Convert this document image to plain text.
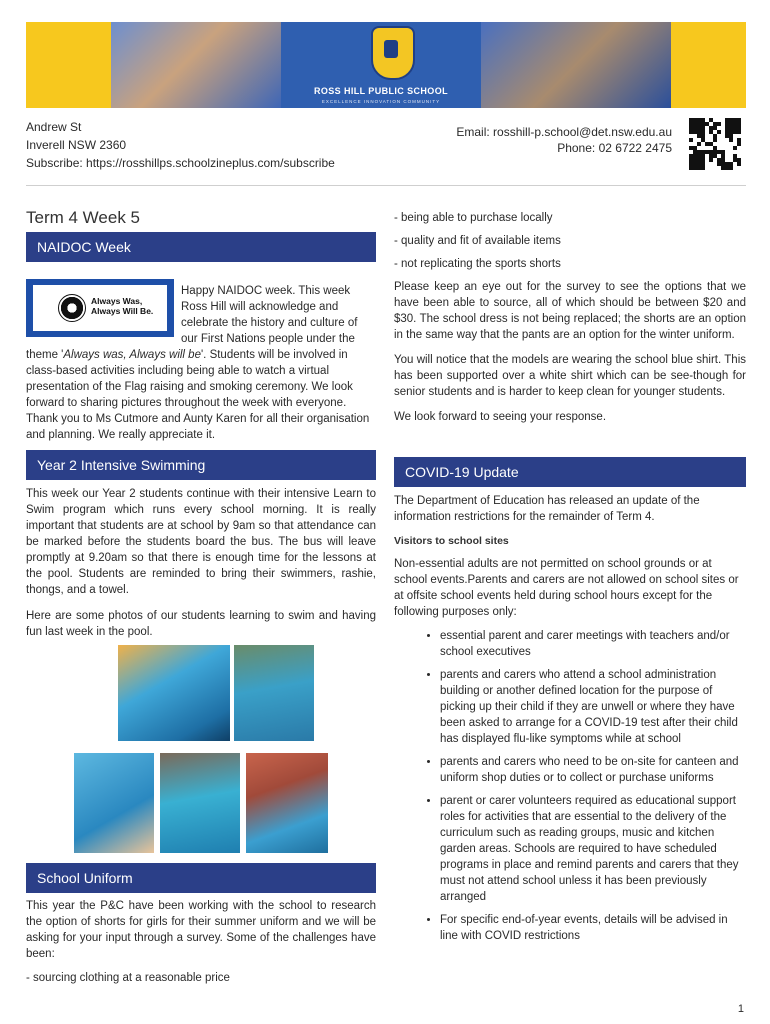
ROSS HILL PUBLIC SCHOOL
EXCELLENCE INNOVATION COMMUNITY
Andrew St
Inverell NSW 2360
Subscribe: https://rosshillps.schoolzineplus.com/subscribe
Email: rosshill-p.school@det.nsw.edu.au
Phone: 02 6722 2475
Term 4 Week 5
NAIDOC Week
Always Was,
Always Will Be.
Happy NAIDOC week. This week
Ross Hill will acknowledge and
celebrate the history and culture of
our First Nations people under the

theme 'Always was, Always will be'. Students will be involved in class-based activities including being able to watch a virtual presentation of the Flag raising and smoking ceremony. We look forward to sharing pictures throughout the week with everyone. Thank you to Ms Cutmore and Aunty Karen for all their organisation and planning. We really appreciate it.

Year 2 Intensive Swimming

This week our Year 2 students continue with their intensive Learn to Swim program which runs every school morning. It is really important that students are at school by 9am so that attendance can be marked before the students board the bus. The bus will leave promptly at 9.20am so that there is enough time for the lessons at the pool. Students are reminded to bring their swimmers, rashie, thongs, and a towel.

Here are some photos of our students learning to swim and having fun last week in the pool.

School Uniform

This year the P&C have been working with the school to research the option of shorts for girls for their summer uniform and we will be asking for your input through a survey. Some of the challenges have been:

- sourcing clothing at a reasonable price

- being able to purchase locally

- quality and fit of available items

- not replicating the sports shorts

Please keep an eye out for the survey to see the options that we have been able to source, all of which should be between $20 and $30. The school dress is not being replaced; the shorts are an option in the same way that the pants are an option for the winter uniform.

You will notice that the models are wearing the school blue shirt. This has been supported over a white shirt which can be see-though for senior students and is harder to keep clean for younger students.

We look forward to seeing your response.

COVID-19 Update

The Department of Education has released an update of the information restrictions for the remainder of Term 4.

Visitors to school sites

Non-essential adults are not permitted on school grounds or at school events.Parents and carers are not allowed on school sites or at offsite school events held during school hours except for the following purposes only:

• essential parent and carer meetings with teachers and/or school executives
• parents and carers who attend a school administration building or another defined location for the purpose of picking up their child if they are unwell or where they have been asked to arrange for a COVID-19 test after their child has displayed flu-like symptoms while at school
• parents and carers who need to be on-site for canteen and uniform shop duties or to collect or purchase uniforms
• parent or carer volunteers required as educational support roles for activities that are essential to the delivery of the curriculum such as reading groups, music and kitchen garden areas. Schools are required to have scheduled programs in place and remind parents and carers that they must not attend school unless it has been previously arranged
• For specific end-of-year events, details will be advised in line with COVID restrictions
1
